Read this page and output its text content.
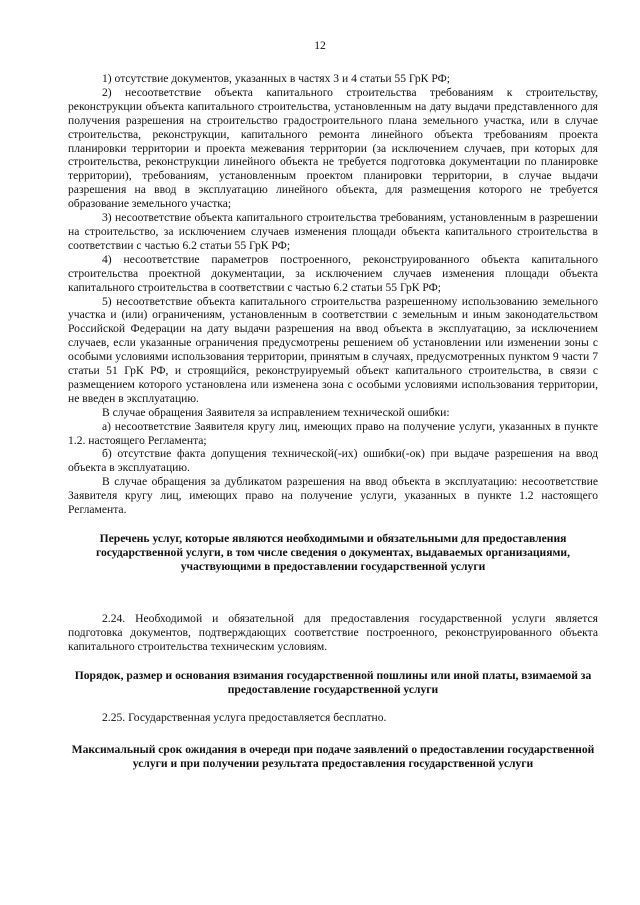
12

1) отсутствие документов, указанных в частях 3 и 4 статьи 55 ГрК РФ;

2) несоответствие объекта капитального строительства требованиям к строительству, реконструкции объекта капитального строительства, установленным на дату выдачи представленного для получения разрешения на строительство градостроительного плана земельного участка, или в случае строительства, реконструкции, капитального ремонта линейного объекта требованиям проекта планировки территории и проекта межевания территории (за исключением случаев, при которых для строительства, реконструкции линейного объекта не требуется подготовка документации по планировке территории), требованиям, установленным проектом планировки территории, в случае выдачи разрешения на ввод в эксплуатацию линейного объекта, для размещения которого не требуется образование земельного участка;

3) несоответствие объекта капитального строительства требованиям, установленным в разрешении на строительство, за исключением случаев изменения площади объекта капитального строительства в соответствии с частью 6.2 статьи 55 ГрК РФ;

4) несоответствие параметров построенного, реконструированного объекта капитального строительства проектной документации, за исключением случаев изменения площади объекта капитального строительства в соответствии с частью 6.2 статьи 55 ГрК РФ;

5) несоответствие объекта капитального строительства разрешенному использованию земельного участка и (или) ограничениям, установленным в соответствии с земельным и иным законодательством Российской Федерации на дату выдачи разрешения на ввод объекта в эксплуатацию, за исключением случаев, если указанные ограничения предусмотрены решением об установлении или изменении зоны с особыми условиями использования территории, принятым в случаях, предусмотренных пунктом 9 части 7 статьи 51 ГрК РФ, и строящийся, реконструируемый объект капитального строительства, в связи с размещением которого установлена или изменена зона с особыми условиями использования территории, не введен в эксплуатацию.

В случае обращения Заявителя за исправлением технической ошибки:

а) несоответствие Заявителя кругу лиц, имеющих право на получение услуги, указанных в пункте 1.2. настоящего Регламента;

б) отсутствие факта допущения технической(-их) ошибки(-ок) при выдаче разрешения на ввод объекта в эксплуатацию.

В случае обращения за дубликатом разрешения на ввод объекта в эксплуатацию: несоответствие Заявителя кругу лиц, имеющих право на получение услуги, указанных в пункте 1.2 настоящего Регламента.

Перечень услуг, которые являются необходимыми и обязательными для предоставления государственной услуги, в том числе сведения о документах, выдаваемых организациями, участвующими в предоставлении государственной услуги

2.24. Необходимой и обязательной для предоставления государственной услуги является подготовка документов, подтверждающих соответствие построенного, реконструированного объекта капитального строительства техническим условиям.

Порядок, размер и основания взимания государственной пошлины или иной платы, взимаемой за предоставление государственной услуги

2.25. Государственная услуга предоставляется бесплатно.

Максимальный срок ожидания в очереди при подаче заявлений о предоставлении государственной услуги и при получении результата предоставления государственной услуги
